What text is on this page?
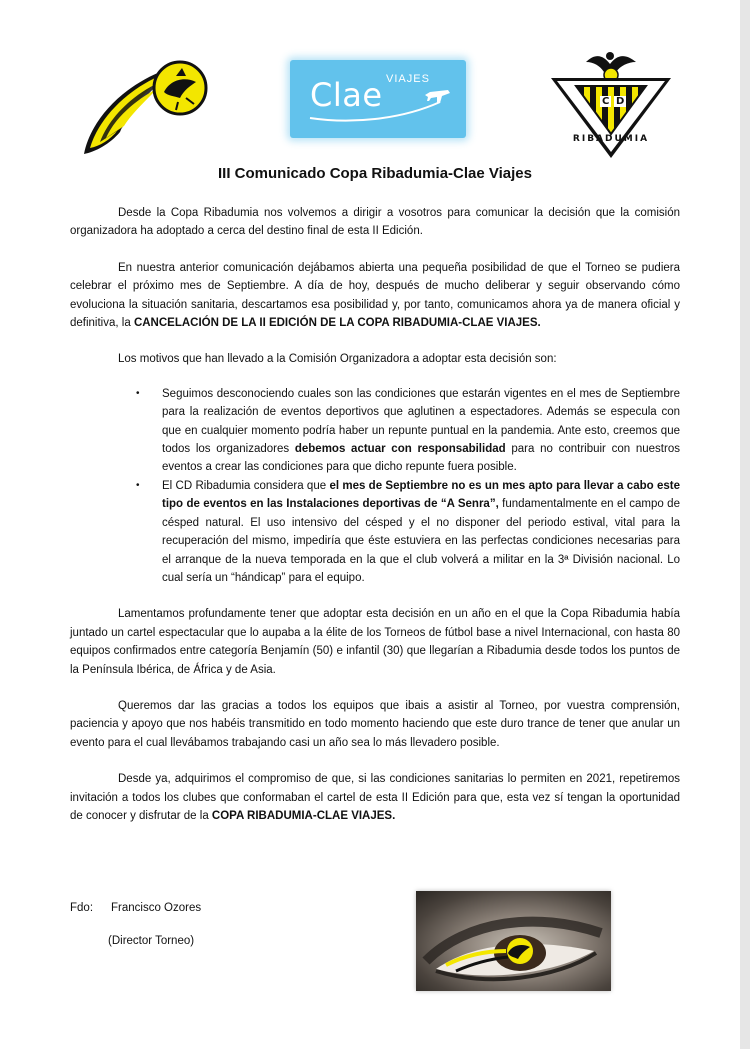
Clae VIAJES
C D
RIBADUMIA
III Comunicado Copa Ribadumia-Clae Viajes

Desde la Copa Ribadumia nos volvemos a dirigir a vosotros para comunicar la decisión que la comisión organizadora ha adoptado a cerca del destino final de esta II Edición.

En nuestra anterior comunicación dejábamos abierta una pequeña posibilidad de que el Torneo se pudiera celebrar el próximo mes de Septiembre. A día de hoy, después de mucho deliberar y seguir observando cómo evoluciona la situación sanitaria, descartamos esa posibilidad y, por tanto, comunicamos ahora ya de manera oficial y definitiva, la CANCELACIÓN DE LA II EDICIÓN DE LA COPA RIBADUMIA-CLAE VIAJES.

Los motivos que han llevado a la Comisión Organizadora a adoptar esta decisión son:

• Seguimos desconociendo cuales son las condiciones que estarán vigentes en el mes de Septiembre para la realización de eventos deportivos que aglutinen a espectadores. Además se especula con que en cualquier momento podría haber un repunte puntual en la pandemia. Ante esto, creemos que todos los organizadores debemos actuar con responsabilidad para no contribuir con nuestros eventos a crear las condiciones para que dicho repunte fuera posible.
• El CD Ribadumia considera que el mes de Septiembre no es un mes apto para llevar a cabo este tipo de eventos en las Instalaciones deportivas de “A Senra”, fundamentalmente en el campo de césped natural. El uso intensivo del césped y el no disponer del periodo estival, vital para la recuperación del mismo, impediría que éste estuviera en las perfectas condiciones necesarias para el arranque de la nueva temporada en la que el club volverá a militar en la 3ª División nacional. Lo cual sería un “hándicap” para el equipo.

Lamentamos profundamente tener que adoptar esta decisión en un año en el que la Copa Ribadumia había juntado un cartel espectacular que lo aupaba a la élite de los Torneos de fútbol base a nivel Internacional, con hasta 80 equipos confirmados entre categoría Benjamín (50) e infantil (30) que llegarían a Ribadumia desde todos los puntos de la Península Ibérica, de África y de Asia.

Queremos dar las gracias a todos los equipos que ibais a asistir al Torneo, por vuestra comprensión, paciencia y apoyo que nos habéis transmitido en todo momento haciendo que este duro trance de tener que anular un evento para el cual llevábamos trabajando casi un año sea lo más llevadero posible.

Desde ya, adquirimos el compromiso de que, si las condiciones sanitarias lo permiten en 2021, repetiremos invitación a todos los clubes que conformaban el cartel de esta II Edición para que, esta vez sí tengan la oportunidad de conocer y disfrutar de la COPA RIBADUMIA-CLAE VIAJES.

Fdo: Francisco Ozores
(Director Torneo)
